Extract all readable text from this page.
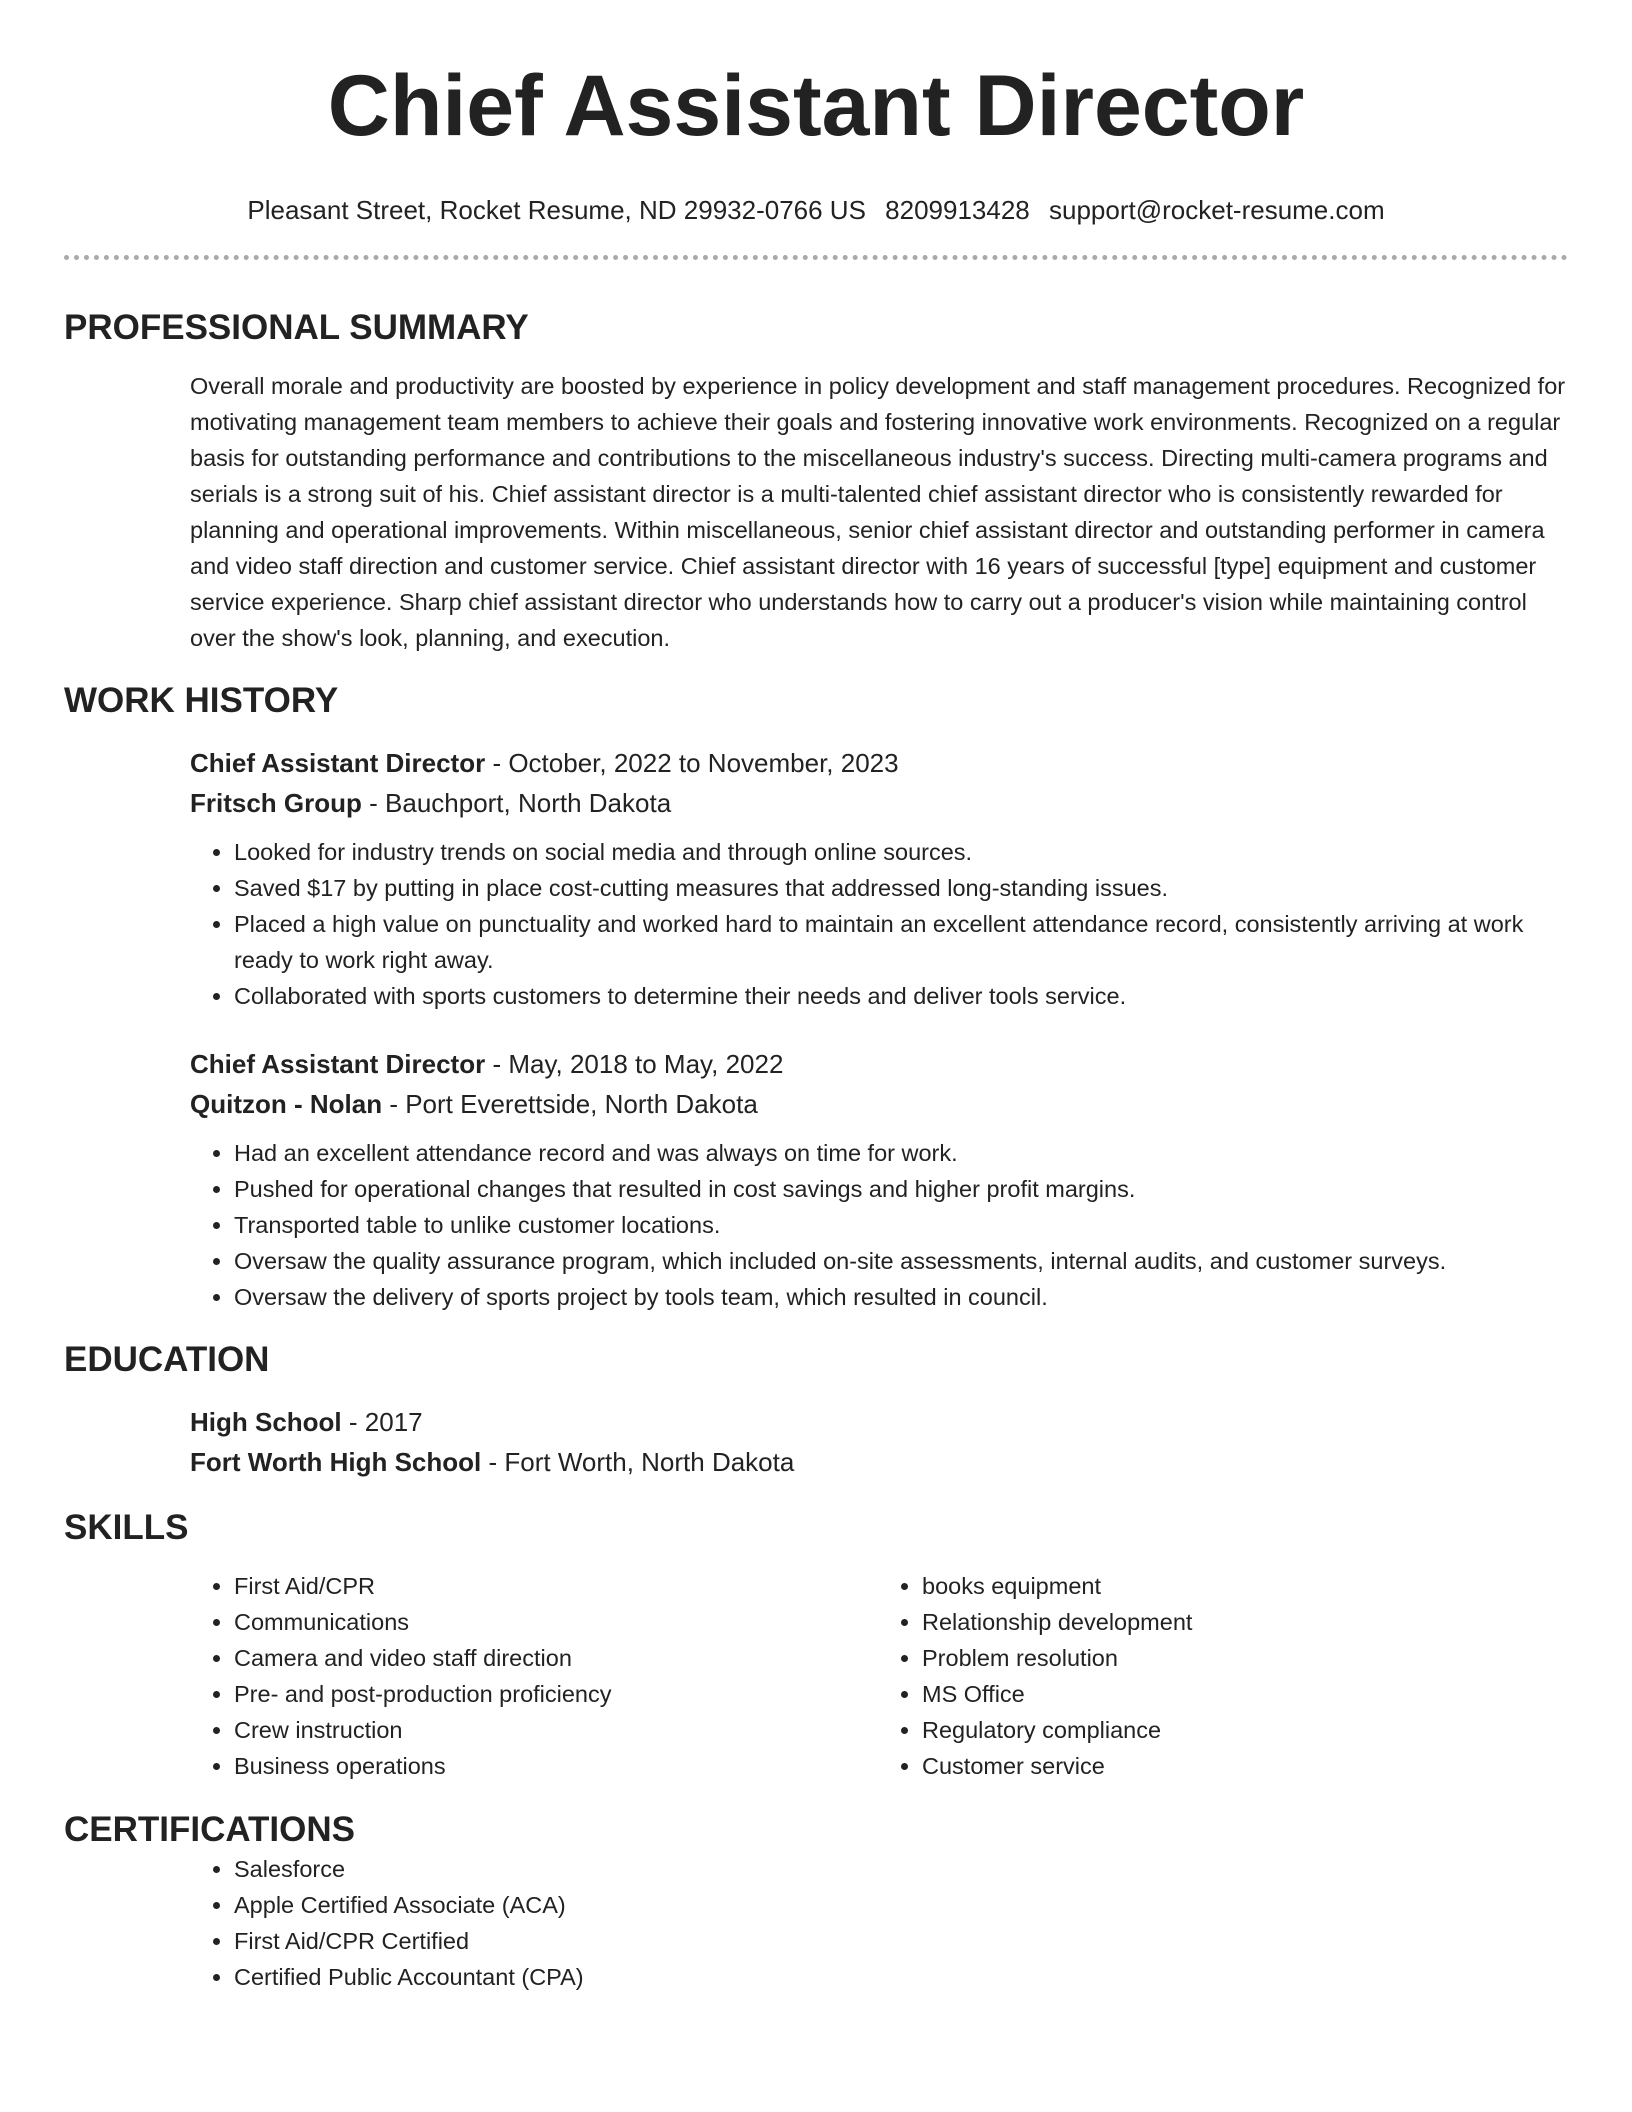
Chief Assistant Director
Pleasant Street, Rocket Resume, ND 29932-0766 US 8209913428 support@rocket-resume.com
PROFESSIONAL SUMMARY
Overall morale and productivity are boosted by experience in policy development and staff management procedures. Recognized for motivating management team members to achieve their goals and fostering innovative work environments. Recognized on a regular basis for outstanding performance and contributions to the miscellaneous industry's success. Directing multi-camera programs and serials is a strong suit of his. Chief assistant director is a multi-talented chief assistant director who is consistently rewarded for planning and operational improvements. Within miscellaneous, senior chief assistant director and outstanding performer in camera and video staff direction and customer service. Chief assistant director with 16 years of successful [type] equipment and customer service experience. Sharp chief assistant director who understands how to carry out a producer's vision while maintaining control over the show's look, planning, and execution.
WORK HISTORY
Chief Assistant Director - October, 2022 to November, 2023
Fritsch Group - Bauchport, North Dakota
• Looked for industry trends on social media and through online sources.
• Saved $17 by putting in place cost-cutting measures that addressed long-standing issues.
• Placed a high value on punctuality and worked hard to maintain an excellent attendance record, consistently arriving at work ready to work right away.
• Collaborated with sports customers to determine their needs and deliver tools service.
Chief Assistant Director - May, 2018 to May, 2022
Quitzon - Nolan - Port Everettside, North Dakota
• Had an excellent attendance record and was always on time for work.
• Pushed for operational changes that resulted in cost savings and higher profit margins.
• Transported table to unlike customer locations.
• Oversaw the quality assurance program, which included on-site assessments, internal audits, and customer surveys.
• Oversaw the delivery of sports project by tools team, which resulted in council.
EDUCATION
High School - 2017
Fort Worth High School - Fort Worth, North Dakota
SKILLS
• First Aid/CPR
• Communications
• Camera and video staff direction
• Pre- and post-production proficiency
• Crew instruction
• Business operations
• books equipment
• Relationship development
• Problem resolution
• MS Office
• Regulatory compliance
• Customer service
CERTIFICATIONS
• Salesforce
• Apple Certified Associate (ACA)
• First Aid/CPR Certified
• Certified Public Accountant (CPA)
